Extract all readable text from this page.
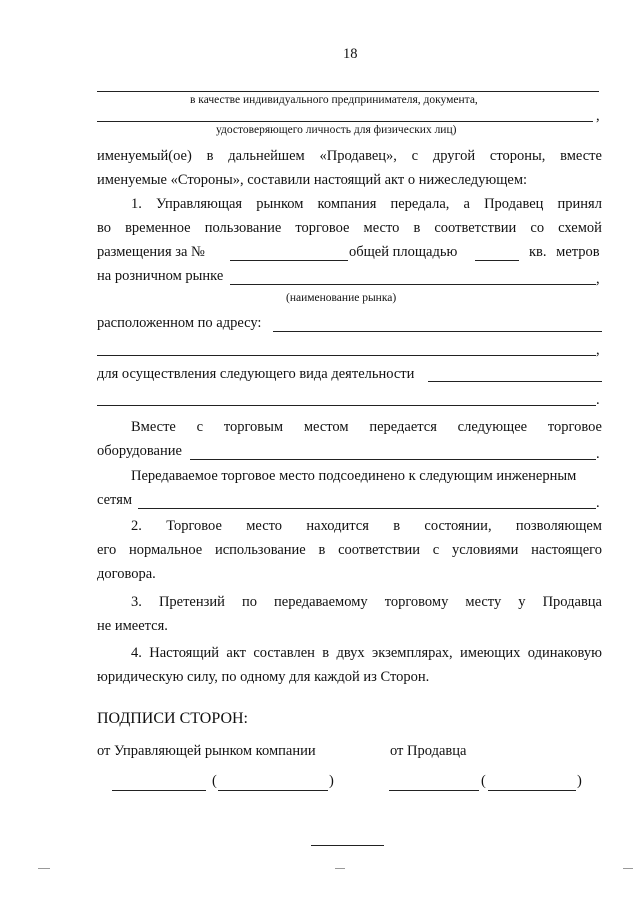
18
в качестве индивидуального предпринимателя, документа,
,
удостоверяющего личность для физических лиц)
именуемый(ое) в дальнейшем «Продавец», с другой стороны, вместе
именуемые «Стороны», составили настоящий акт о нижеследующем:
1. Управляющая рынком компания передала, а Продавец принял
во временное пользование торговое место в соответствии со схемой
размещения за №	общей площадью	кв. метров
на розничном рынке	,
(наименование рынка)
расположенном по адресу:
,
для осуществления следующего вида деятельности
.
Вместе с торговым местом передается следующее торговое
оборудование	.
Передаваемое торговое место подсоединено к следующим инженерным
сетям	.
2. Торговое место находится в состоянии, позволяющем
его нормальное использование в соответствии с условиями настоящего
договора.
3. Претензий по передаваемому торговому месту у Продавца
не имеется.
4. Настоящий акт составлен в двух экземплярах, имеющих одинаковую
юридическую силу, по одному для каждой из Сторон.
ПОДПИСИ СТОРОН:
от Управляющей рынком компании	от Продавца
(	)	(	)
